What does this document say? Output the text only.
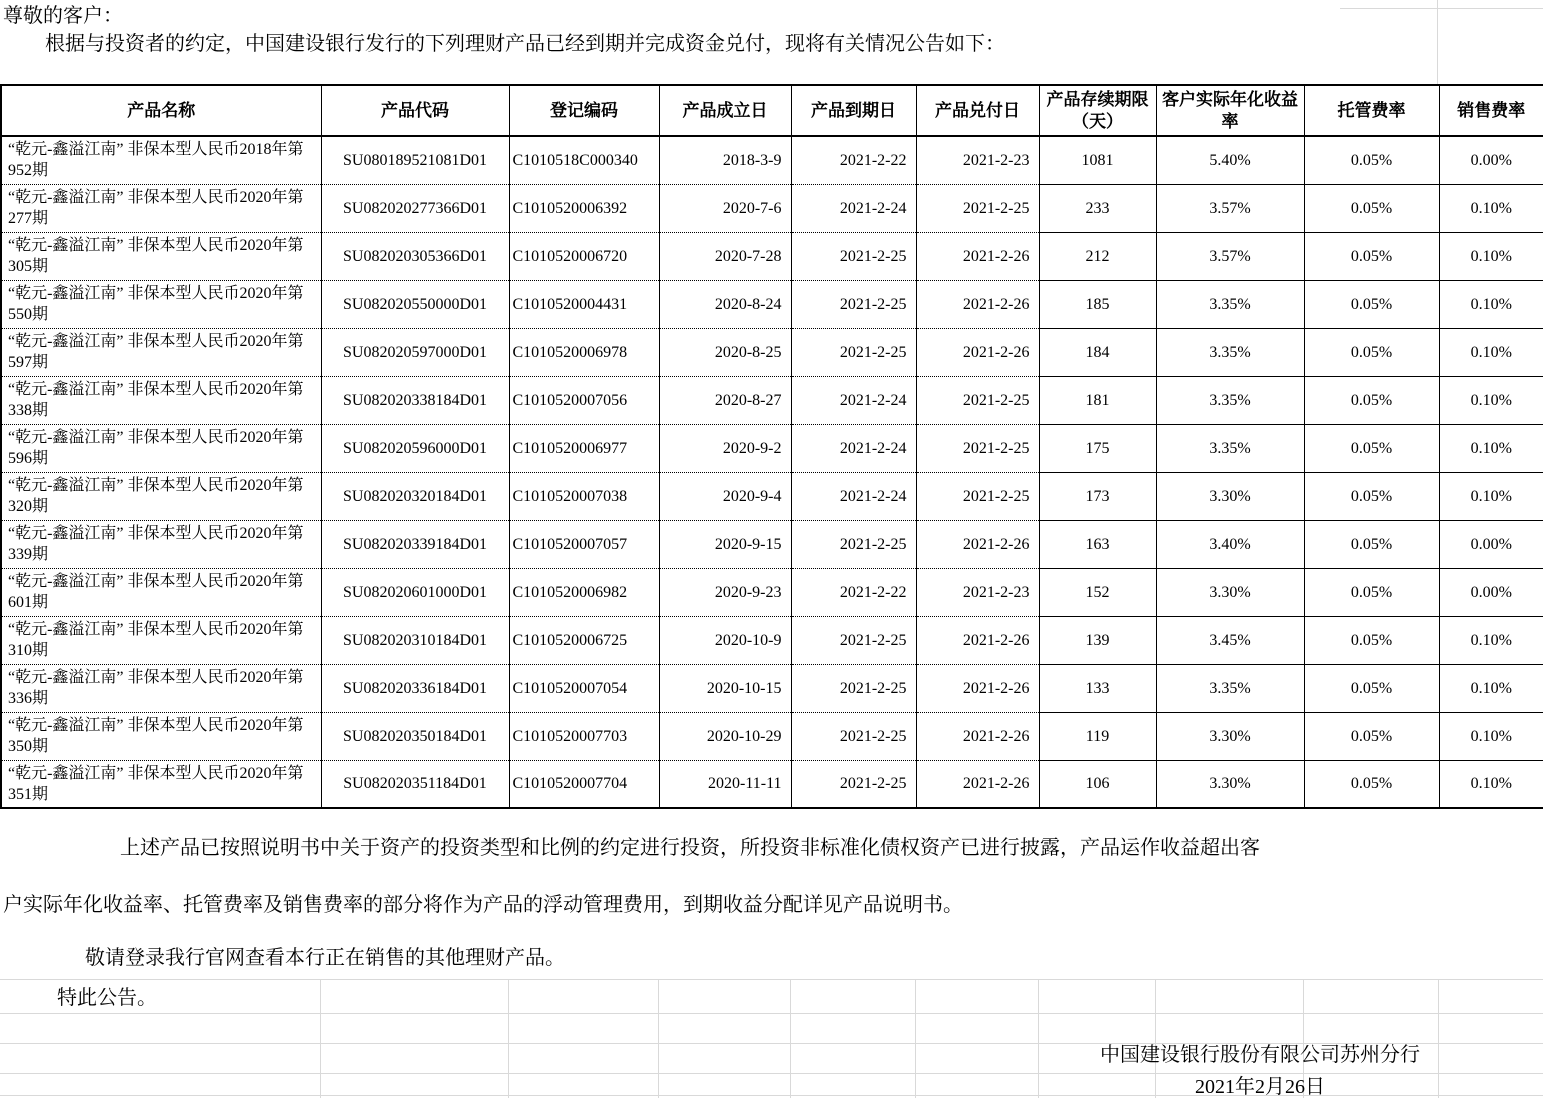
尊敬的客户：
根据与投资者的约定，中国建设银行发行的下列理财产品已经到期并完成资金兑付，现将有关情况公告如下：
产品名称	产品代码	登记编码	产品成立日	产品到期日	产品兑付日	产品存续期限（天）	客户实际年化收益率	托管费率	销售费率
“乾元-鑫溢江南” 非保本型人民币2018年第952期	SU080189521081D01	C1010518C000340	2018-3-9	2021-2-22	2021-2-23	1081	5.40%	0.05%	0.00%
“乾元-鑫溢江南” 非保本型人民币2020年第277期	SU082020277366D01	C1010520006392	2020-7-6	2021-2-24	2021-2-25	233	3.57%	0.05%	0.10%
“乾元-鑫溢江南” 非保本型人民币2020年第305期	SU082020305366D01	C1010520006720	2020-7-28	2021-2-25	2021-2-26	212	3.57%	0.05%	0.10%
“乾元-鑫溢江南” 非保本型人民币2020年第550期	SU082020550000D01	C1010520004431	2020-8-24	2021-2-25	2021-2-26	185	3.35%	0.05%	0.10%
“乾元-鑫溢江南” 非保本型人民币2020年第597期	SU082020597000D01	C1010520006978	2020-8-25	2021-2-25	2021-2-26	184	3.35%	0.05%	0.10%
“乾元-鑫溢江南” 非保本型人民币2020年第338期	SU082020338184D01	C1010520007056	2020-8-27	2021-2-24	2021-2-25	181	3.35%	0.05%	0.10%
“乾元-鑫溢江南” 非保本型人民币2020年第596期	SU082020596000D01	C1010520006977	2020-9-2	2021-2-24	2021-2-25	175	3.35%	0.05%	0.10%
“乾元-鑫溢江南” 非保本型人民币2020年第320期	SU082020320184D01	C1010520007038	2020-9-4	2021-2-24	2021-2-25	173	3.30%	0.05%	0.10%
“乾元-鑫溢江南” 非保本型人民币2020年第339期	SU082020339184D01	C1010520007057	2020-9-15	2021-2-25	2021-2-26	163	3.40%	0.05%	0.00%
“乾元-鑫溢江南” 非保本型人民币2020年第601期	SU082020601000D01	C1010520006982	2020-9-23	2021-2-22	2021-2-23	152	3.30%	0.05%	0.00%
“乾元-鑫溢江南” 非保本型人民币2020年第310期	SU082020310184D01	C1010520006725	2020-10-9	2021-2-25	2021-2-26	139	3.45%	0.05%	0.10%
“乾元-鑫溢江南” 非保本型人民币2020年第336期	SU082020336184D01	C1010520007054	2020-10-15	2021-2-25	2021-2-26	133	3.35%	0.05%	0.10%
“乾元-鑫溢江南” 非保本型人民币2020年第350期	SU082020350184D01	C1010520007703	2020-10-29	2021-2-25	2021-2-26	119	3.30%	0.05%	0.10%
“乾元-鑫溢江南” 非保本型人民币2020年第351期	SU082020351184D01	C1010520007704	2020-11-11	2021-2-25	2021-2-26	106	3.30%	0.05%	0.10%
上述产品已按照说明书中关于资产的投资类型和比例的约定进行投资，所投资非标准化债权资产已进行披露，产品运作收益超出客
户实际年化收益率、托管费率及销售费率的部分将作为产品的浮动管理费用，到期收益分配详见产品说明书。
敬请登录我行官网查看本行正在销售的其他理财产品。
特此公告。
中国建设银行股份有限公司苏州分行
2021年2月26日
